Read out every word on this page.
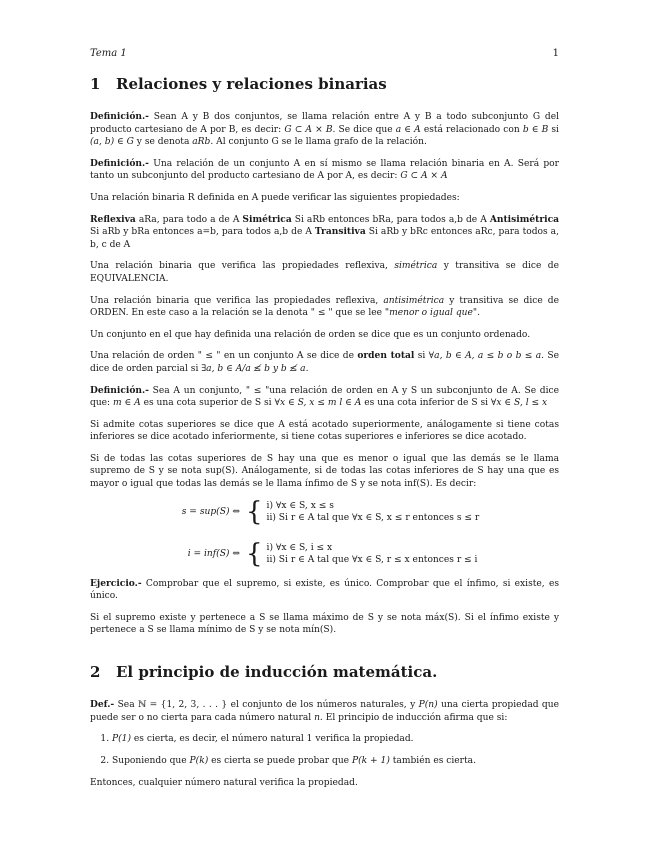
Tema 1	1
1	Relaciones y relaciones binarias

Definición.- Sean A y B dos conjuntos, se llama relación entre A y B a todo subconjunto G del producto cartesiano de A por B, es decir: G ⊂ A × B. Se dice que a ∈ A está relacionado con b ∈ B si (a, b) ∈ G y se denota aRb. Al conjunto G se le llama grafo de la relación.

Definición.- Una relación de un conjunto A en sí mismo se llama relación binaria en A. Será por tanto un subconjunto del producto cartesiano de A por A, es decir: G ⊂ A × A

Una relación binaria R definida en A puede verificar las siguientes propiedades:

Reflexiva aRa, para todo a de A Simétrica Si aRb entonces bRa, para todos a,b de A Antisimétrica Si aRb y bRa entonces a=b, para todos a,b de A Transitiva Si aRb y bRc entonces aRc, para todos a, b, c de A

Una relación binaria que verifica las propiedades reflexiva, simétrica y transitiva se dice de EQUIVALENCIA.

Una relación binaria que verifica las propiedades reflexiva, antisimétrica y transitiva se dice de ORDEN. En este caso a la relación se la denota " ≤ " que se lee "menor o igual que".

Un conjunto en el que hay definida una relación de orden se dice que es un conjunto ordenado.

Una relación de orden " ≤ " en un conjunto A se dice de orden total si ∀a, b ∈ A, a ≤ b o b ≤ a. Se dice de orden parcial si ∃a, b ∈ A/a ≰ b y b ≰ a.

Definición.- Sea A un conjunto, " ≤ "una relación de orden en A y S un subconjunto de A. Se dice que: m ∈ A es una cota superior de S si ∀x ∈ S, x ≤ m l ∈ A es una cota inferior de S si ∀x ∈ S, l ≤ x

Si admite cotas superiores se dice que A está acotado superiormente, análogamente si tiene cotas inferiores se dice acotado inferiormente, si tiene cotas superiores e inferiores se dice acotado.

Si de todas las cotas superiores de S hay una que es menor o igual que las demás se le llama supremo de S y se nota sup(S). Análogamente, si de todas las cotas inferiores de S hay una que es mayor o igual que todas las demás se le llama ínfimo de S y se nota inf(S). Es decir:

s = sup(S) ⇔ { i) ∀x ∈ S, x ≤ s
ii) Si r ∈ A tal que ∀x ∈ S, x ≤ r entonces s ≤ r
i = inf(S) ⇔ { i) ∀x ∈ S, i ≤ x
ii) Si r ∈ A tal que ∀x ∈ S, r ≤ x entonces r ≤ i

Ejercicio.- Comprobar que el supremo, si existe, es único. Comprobar que el ínfimo, si existe, es único.

Si el supremo existe y pertenece a S se llama máximo de S y se nota máx(S). Si el ínfimo existe y pertenece a S se llama mínimo de S y se nota mín(S).

2	El principio de inducción matemática.

Def.- Sea ℕ = {1, 2, 3, . . . } el conjunto de los números naturales, y P(n) una cierta propiedad que puede ser o no cierta para cada número natural n. El principio de inducción afirma que si:

1. P(1) es cierta, es decir, el número natural 1 verifica la propiedad.
2. Suponiendo que P(k) es cierta se puede probar que P(k + 1) también es cierta.

Entonces, cualquier número natural verifica la propiedad.
